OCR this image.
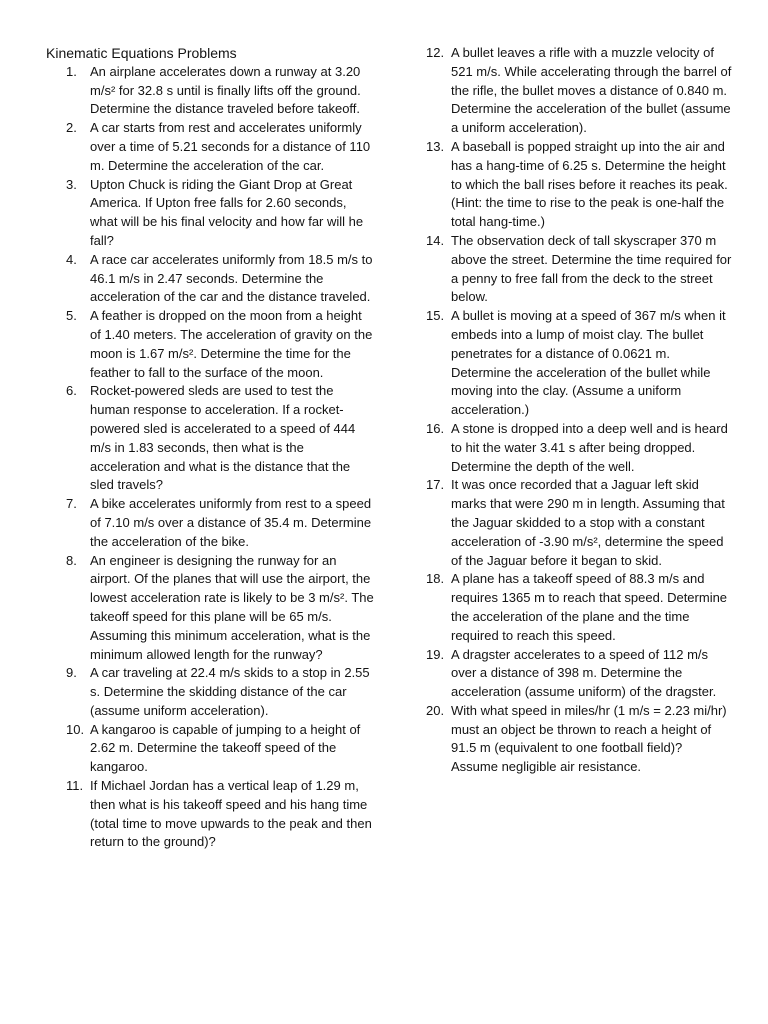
Kinematic Equations Problems
1. An airplane accelerates down a runway at 3.20 m/s² for 32.8 s until is finally lifts off the ground. Determine the distance traveled before takeoff.
2. A car starts from rest and accelerates uniformly over a time of 5.21 seconds for a distance of 110 m. Determine the acceleration of the car.
3. Upton Chuck is riding the Giant Drop at Great America. If Upton free falls for 2.60 seconds, what will be his final velocity and how far will he fall?
4. A race car accelerates uniformly from 18.5 m/s to 46.1 m/s in 2.47 seconds. Determine the acceleration of the car and the distance traveled.
5. A feather is dropped on the moon from a height of 1.40 meters. The acceleration of gravity on the moon is 1.67 m/s². Determine the time for the feather to fall to the surface of the moon.
6. Rocket-powered sleds are used to test the human response to acceleration. If a rocket-powered sled is accelerated to a speed of 444 m/s in 1.83 seconds, then what is the acceleration and what is the distance that the sled travels?
7. A bike accelerates uniformly from rest to a speed of 7.10 m/s over a distance of 35.4 m. Determine the acceleration of the bike.
8. An engineer is designing the runway for an airport. Of the planes that will use the airport, the lowest acceleration rate is likely to be 3 m/s². The takeoff speed for this plane will be 65 m/s. Assuming this minimum acceleration, what is the minimum allowed length for the runway?
9. A car traveling at 22.4 m/s skids to a stop in 2.55 s. Determine the skidding distance of the car (assume uniform acceleration).
10. A kangaroo is capable of jumping to a height of 2.62 m. Determine the takeoff speed of the kangaroo.
11. If Michael Jordan has a vertical leap of 1.29 m, then what is his takeoff speed and his hang time (total time to move upwards to the peak and then return to the ground)?
12. A bullet leaves a rifle with a muzzle velocity of 521 m/s. While accelerating through the barrel of the rifle, the bullet moves a distance of 0.840 m. Determine the acceleration of the bullet (assume a uniform acceleration).
13. A baseball is popped straight up into the air and has a hang-time of 6.25 s. Determine the height to which the ball rises before it reaches its peak. (Hint: the time to rise to the peak is one-half the total hang-time.)
14. The observation deck of tall skyscraper 370 m above the street. Determine the time required for a penny to free fall from the deck to the street below.
15. A bullet is moving at a speed of 367 m/s when it embeds into a lump of moist clay. The bullet penetrates for a distance of 0.0621 m. Determine the acceleration of the bullet while moving into the clay. (Assume a uniform acceleration.)
16. A stone is dropped into a deep well and is heard to hit the water 3.41 s after being dropped. Determine the depth of the well.
17. It was once recorded that a Jaguar left skid marks that were 290 m in length. Assuming that the Jaguar skidded to a stop with a constant acceleration of -3.90 m/s², determine the speed of the Jaguar before it began to skid.
18. A plane has a takeoff speed of 88.3 m/s and requires 1365 m to reach that speed. Determine the acceleration of the plane and the time required to reach this speed.
19. A dragster accelerates to a speed of 112 m/s over a distance of 398 m. Determine the acceleration (assume uniform) of the dragster.
20. With what speed in miles/hr (1 m/s = 2.23 mi/hr) must an object be thrown to reach a height of 91.5 m (equivalent to one football field)? Assume negligible air resistance.
